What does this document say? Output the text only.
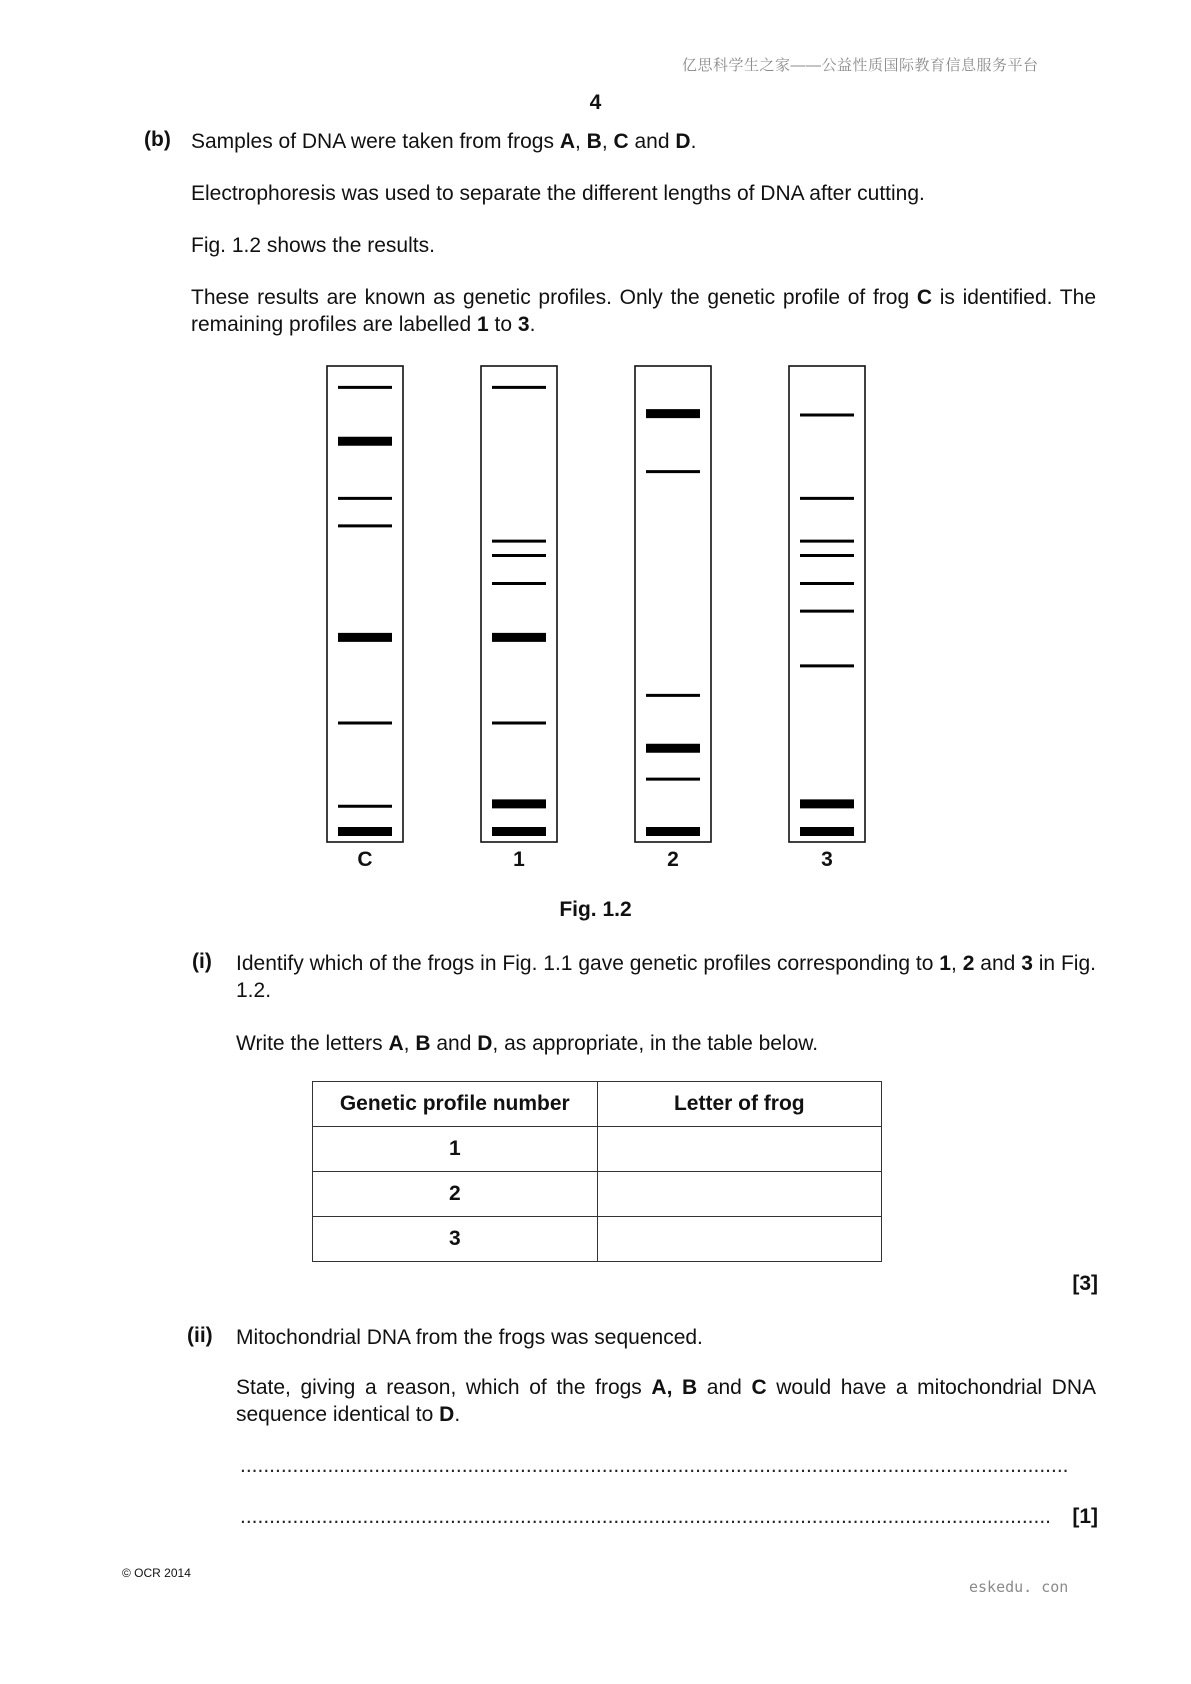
亿思科学生之家——公益性质国际教育信息服务平台
4
(b) Samples of DNA were taken from frogs A, B, C and D.
Electrophoresis was used to separate the different lengths of DNA after cutting.
Fig. 1.2 shows the results.
These results are known as genetic profiles. Only the genetic profile of frog C is identified. The remaining profiles are labelled 1 to 3.
C	1	2	3
Fig. 1.2
(i) Identify which of the frogs in Fig. 1.1 gave genetic profiles corresponding to 1, 2 and 3 in Fig. 1.2.
Write the letters A, B and D, as appropriate, in the table below.
Genetic profile number	Letter of frog
1	
2	
3	
[3]
(ii) Mitochondrial DNA from the frogs was sequenced.
State, giving a reason, which of the frogs A, B and C would have a mitochondrial DNA sequence identical to D.
..............................................................................................................................................
...........................................................................................................................................	[1]
© OCR 2014
eskedu. con
